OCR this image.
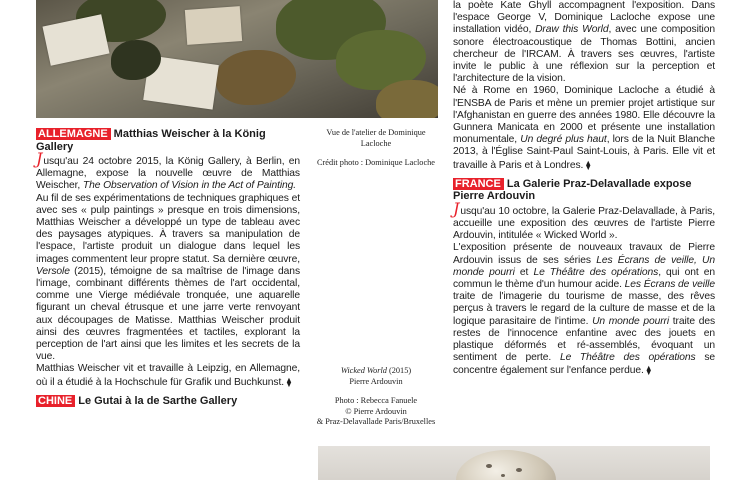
ALLEMAGNE Matthias Weischer à la König Gallery

Jusqu'au 24 octobre 2015, la König Gallery, à Berlin, en Allemagne, expose la nouvelle œuvre de Matthias Weischer, The Observation of Vision in the Act of Painting.

Au fil de ses expérimentations de techniques graphiques et avec ses « pulp paintings » presque en trois dimensions, Matthias Weischer a développé un type de tableau avec des paysages atypiques. À travers sa manipulation de l'espace, l'artiste produit un dialogue dans lequel les images commentent leur propre statut. Sa dernière œuvre, Versole (2015), témoigne de sa maîtrise de l'image dans l'image, combinant différents thèmes de l'art occidental, comme une Vierge médiévale tronquée, une aquarelle figurant un cheval étrusque et une jarre verte renvoyant aux découpages de Matisse. Matthias Weischer produit ainsi des œuvres fragmentées et tactiles, explorant la perception de l'art ainsi que les limites et les secrets de la vue.

Matthias Weischer vit et travaille à Leipzig, en Allemagne, où il a étudié à la Hochschule für Grafik und Buchkunst. ⧫

CHINE Le Gutai à la de Sarthe Gallery

Vue de l'atelier de Dominique
Lacloche
Crédit photo : Dominique Lacloche
Wicked World (2015)
Pierre Ardouvin
Photo : Rebecca Fanuele
© Pierre Ardouvin
& Praz-Delavallade Paris/Bruxelles

la poète Kate Ghyll accompagnent l'exposition. Dans l'espace George V, Dominique Lacloche expose une installation vidéo, Draw this World, avec une composition sonore électroacoustique de Thomas Bottini, ancien chercheur de l'IRCAM. À travers ses œuvres, l'artiste invite le public à une réflexion sur la perception et l'architecture de la vision.

Né à Rome en 1960, Dominique Lacloche a étudié à l'ENSBA de Paris et mène un premier projet artistique sur l'Afghanistan en guerre des années 1980. Elle découvre la Gunnera Manicata en 2000 et présente une installation monumentale, Un degré plus haut, lors de la Nuit Blanche 2013, à l'Église Saint-Paul Saint-Louis, à Paris. Elle vit et travaille à Paris et à Londres. ⧫

FRANCE La Galerie Praz-Delavallade expose Pierre Ardouvin

Jusqu'au 10 octobre, la Galerie Praz-Delavallade, à Paris, accueille une exposition des œuvres de l'artiste Pierre Ardouvin, intitulée « Wicked World ».

L'exposition présente de nouveaux travaux de Pierre Ardouvin issus de ses séries Les Écrans de veille, Un monde pourri et Le Théâtre des opérations, qui ont en commun le thème d'un humour acide. Les Écrans de veille traite de l'imagerie du tourisme de masse, des rêves perçus à travers le regard de la culture de masse et de la logique parasitaire de l'intime. Un monde pourri traite des restes de l'innocence enfantine avec des jouets en plastique déformés et ré-assemblés, évoquant un sentiment de perte. Le Théâtre des opérations se concentre également sur l'enfance perdue. ⧫
